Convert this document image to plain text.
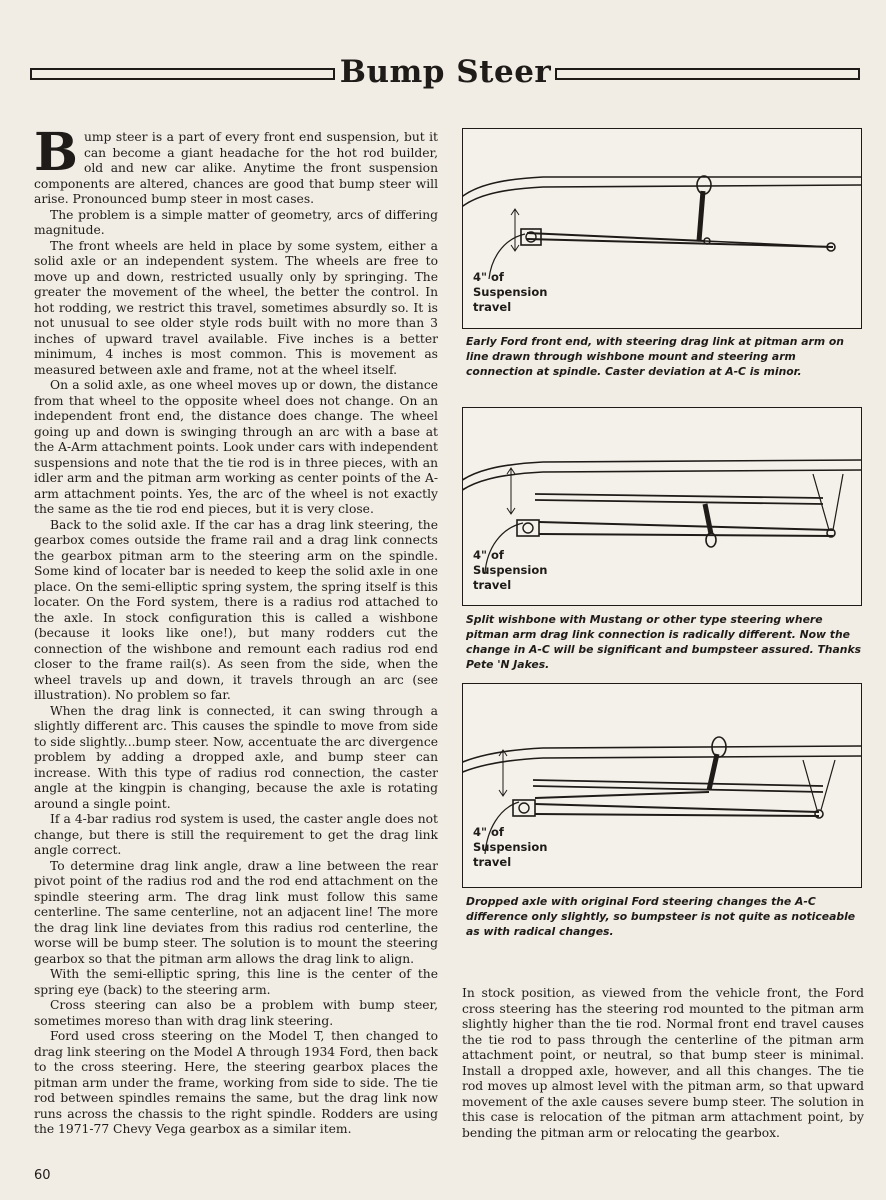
Bump Steer

Bump steer is a part of every front end suspension, but it can become a giant headache for the hot rod builder, old and new car alike. Anytime the front suspension components are altered, chances are good that bump steer will arise. Pronounced bump steer in most cases.

The problem is a simple matter of geometry, arcs of differing magnitude.

The front wheels are held in place by some system, either a solid axle or an independent system. The wheels are free to move up and down, restricted usually only by springing. The greater the movement of the wheel, the better the control. In hot rodding, we restrict this travel, sometimes absurdly so. It is not unusual to see older style rods built with no more than 3 inches of upward travel available. Five inches is a better minimum, 4 inches is most common. This is movement as measured between axle and frame, not at the wheel itself.

On a solid axle, as one wheel moves up or down, the distance from that wheel to the opposite wheel does not change. On an independent front end, the distance does change. The wheel going up and down is swinging through an arc with a base at the A-Arm attachment points. Look under cars with independent suspensions and note that the tie rod is in three pieces, with an idler arm and the pitman arm working as center points of the A-arm attachment points. Yes, the arc of the wheel is not exactly the same as the tie rod end pieces, but it is very close.

Back to the solid axle. If the car has a drag link steering, the gearbox comes outside the frame rail and a drag link connects the gearbox pitman arm to the steering arm on the spindle. Some kind of locater bar is needed to keep the solid axle in one place. On the semi-elliptic spring system, the spring itself is this locater. On the Ford system, there is a radius rod attached to the axle. In stock configuration this is called a wishbone (because it looks like one!), but many rodders cut the connection of the wishbone and remount each radius rod end closer to the frame rail(s). As seen from the side, when the wheel travels up and down, it travels through an arc (see illustration). No problem so far.

When the drag link is connected, it can swing through a slightly different arc. This causes the spindle to move from side to side slightly...bump steer. Now, accentuate the arc divergence problem by adding a dropped axle, and bump steer can increase. With this type of radius rod connection, the caster angle at the kingpin is changing, because the axle is rotating around a single point.

If a 4-bar radius rod system is used, the caster angle does not change, but there is still the requirement to get the drag link angle correct.

To determine drag link angle, draw a line between the rear pivot point of the radius rod and the rod end attachment on the spindle steering arm. The drag link must follow this same centerline. The same centerline, not an adjacent line! The more the drag link line deviates from this radius rod centerline, the worse will be bump steer. The solution is to mount the steering gearbox so that the pitman arm allows the drag link to align.

With the semi-elliptic spring, this line is the center of the spring eye (back) to the steering arm.

Cross steering can also be a problem with bump steer, sometimes moreso than with drag link steering.

Ford used cross steering on the Model T, then changed to drag link steering on the Model A through 1934 Ford, then back to the cross steering. Here, the steering gearbox places the pitman arm under the frame, working from side to side. The tie rod between spindles remains the same, but the drag link now runs across the chassis to the right spindle. Rodders are using the 1971-77 Chevy Vega gearbox as a similar item.

4" of
Suspension
travel
Early Ford front end, with steering drag link at pitman arm on line drawn through wishbone mount and steering arm connection at spindle. Caster deviation at A-C is minor.
4" of
Suspension
travel
Split wishbone with Mustang or other type steering where pitman arm drag link connection is radically different. Now the change in A-C will be significant and bumpsteer assured. Thanks Pete 'N Jakes.
4" of
Suspension
travel
Dropped axle with original Ford steering changes the A-C difference only slightly, so bumpsteer is not quite as noticeable as with radical changes.

In stock position, as viewed from the vehicle front, the Ford cross steering has the steering rod mounted to the pitman arm slightly higher than the tie rod. Normal front end travel causes the tie rod to pass through the centerline of the pitman arm attachment point, or neutral, so that bump steer is minimal. Install a dropped axle, however, and all this changes. The tie rod moves up almost level with the pitman arm, so that upward movement of the axle causes severe bump steer. The solution in this case is relocation of the pitman arm attachment point, by bending the pitman arm or relocating the gearbox.

60
